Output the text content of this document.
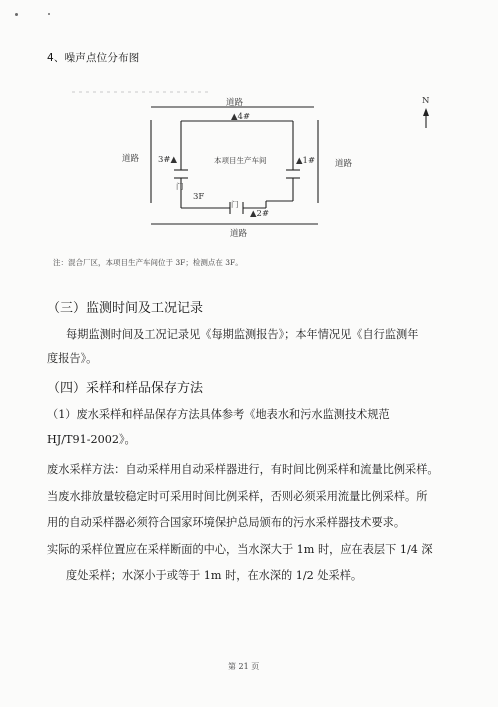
4、噪声点位分布图
道路
▲4#
道路	道路
3#▲	▲1#
本项目生产车间
门
3F
门
▲2#
道路
N
注：混合厂区，本项目生产车间位于 3F；检测点在 3F。
（三）监测时间及工况记录
每期监测时间及工况记录见《每期监测报告》；本年情况见《自行监测年
度报告》。
（四）采样和样品保存方法
（1）废水采样和样品保存方法具体参考《地表水和污水监测技术规范
HJ/T91-2002》。
废水采样方法：自动采样用自动采样器进行，有时间比例采样和流量比例采样。
当废水排放量较稳定时可采用时间比例采样，否则必须采用流量比例采样。所
用的自动采样器必须符合国家环境保护总局颁布的污水采样器技术要求。
实际的采样位置应在采样断面的中心，当水深大于 1m 时，应在表层下 1/4 深
度处采样；水深小于或等于 1m 时，在水深的 1/2 处采样。
第 21 页
